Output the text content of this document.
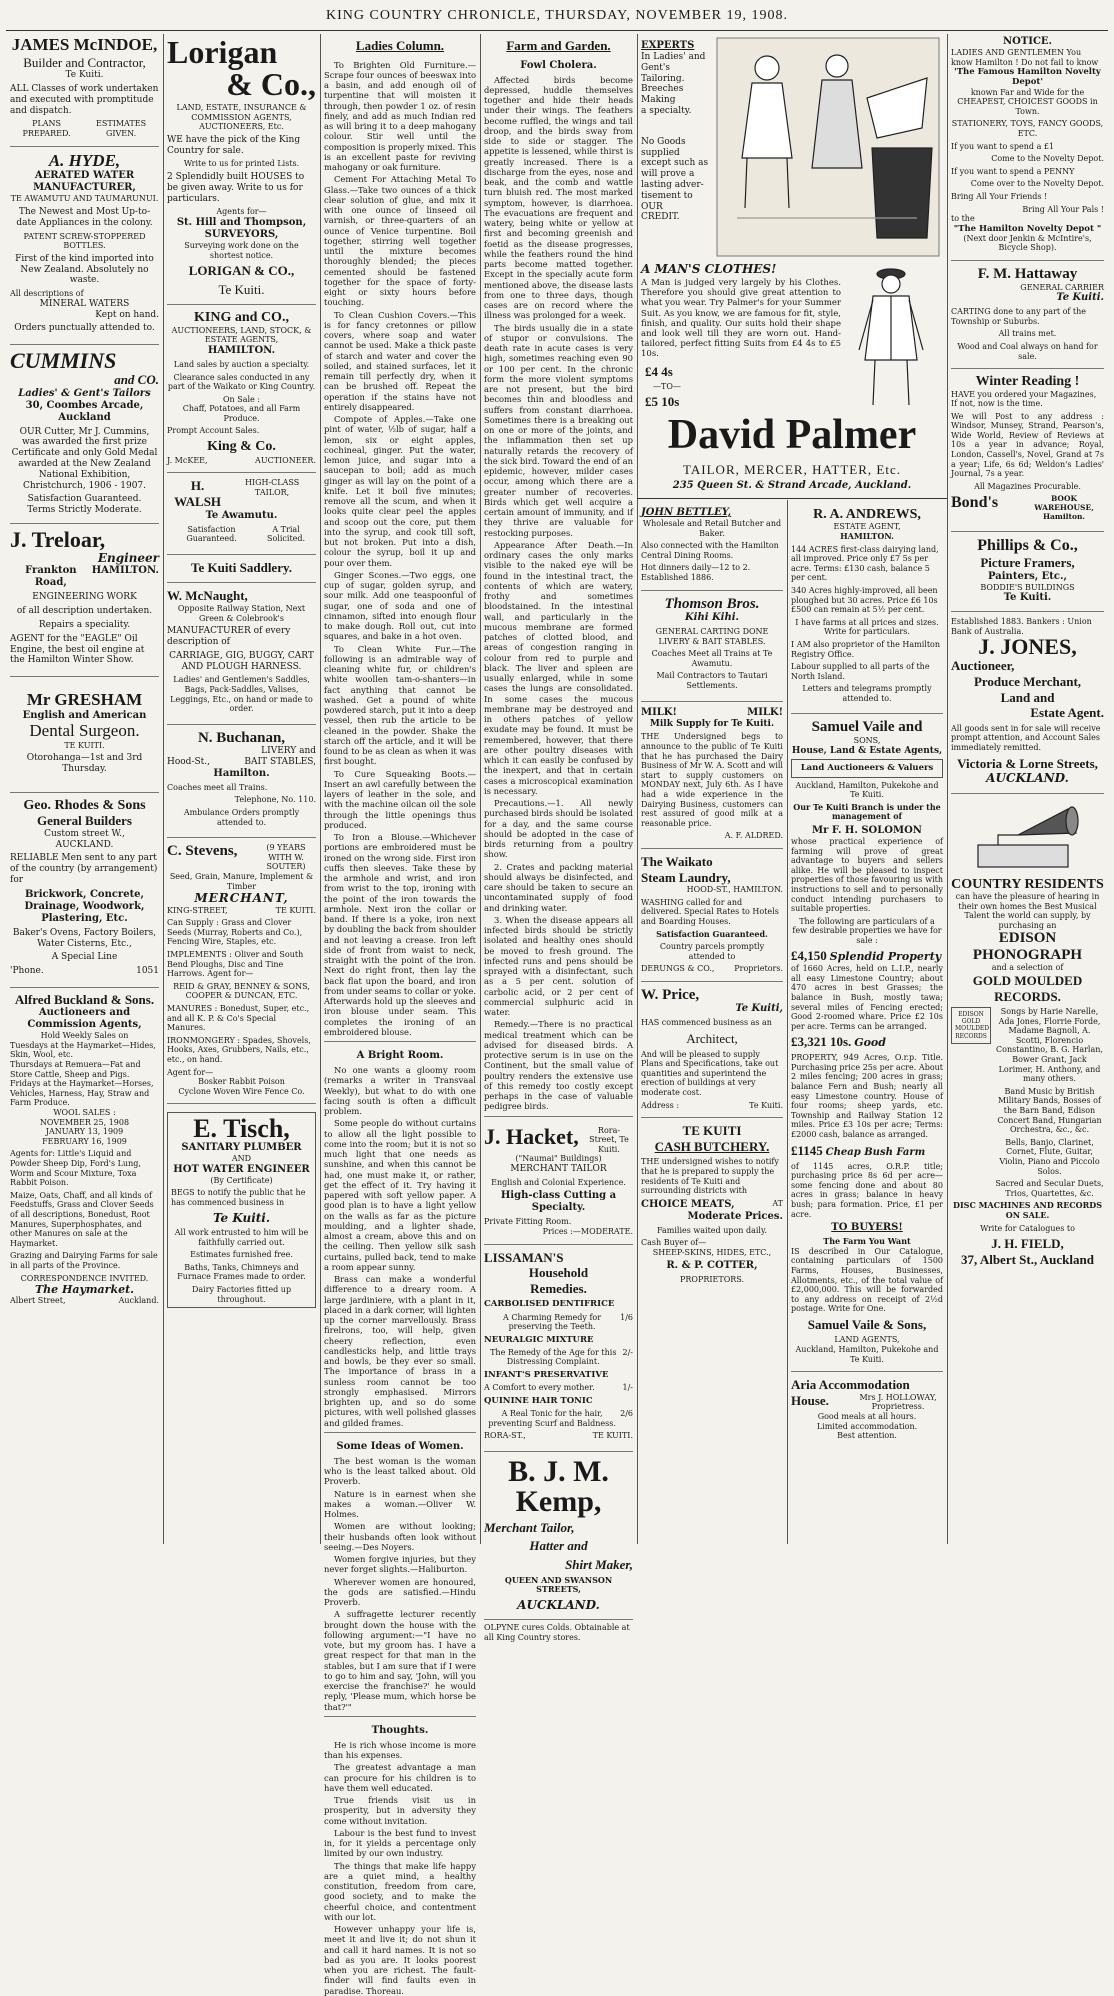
KING COUNTRY CHRONICLE, THURSDAY, NOVEMBER 19, 1908.
JAMES McINDOE,
Builder and Contractor,
Te Kuiti.
ALL Classes of work undertaken and executed with promptitude and dispatch.
PLANS PREPARED.
ESTIMATES GIVEN.
A. HYDE,
AERATED WATER MANUFACTURER,
TE AWAMUTU AND TAUMARUNUI.
The Newest and Most Up-to-date Appliances in the colony.
PATENT SCREW-STOPPERED BOTTLES.
First of the kind imported into New Zealand. Absolutely no waste.
All descriptions of
MINERAL WATERS
Kept on hand.
Orders punctually attended to.
CUMMINS
and CO.
Ladies' & Gent's Tailors
30, Coombes Arcade, Auckland
OUR Cutter, Mr J. Cummins, was awarded the first prize Certificate and only Gold Medal awarded at the New Zealand National Exhibition, Christchurch, 1906 - 1907.
Satisfaction Guaranteed.
Terms Strictly Moderate.
J. Treloar,
Engineer
Frankton Road,
HAMILTON.
ENGINEERING WORK
of all description undertaken.
Repairs a speciality.
AGENT for the "EAGLE" Oil Engine, the best oil engine at the Hamilton Winter Show.
Mr GRESHAM
English and American
Dental Surgeon.
TE KUITI.
Otorohanga—1st and 3rd Thursday.
Geo. Rhodes & Sons
General Builders
Custom street W.,
AUCKLAND.
RELIABLE Men sent to any part of the country (by arrangement) for
Brickwork, Concrete, Drainage, Woodwork, Plastering, Etc.
Baker's Ovens, Factory Boilers, Water Cisterns, Etc.,
A Special Line
'Phone.	1051
Alfred Buckland & Sons.
Auctioneers and Commission Agents,
Hold Weekly Sales on
Tuesdays at the Haymarket—Hides, Skin, Wool, etc.
Thursdays at Remuera—Fat and Store Cattle, Sheep and Pigs.
Fridays at the Haymarket—Horses, Vehicles, Harness, Hay, Straw and Farm Produce.
WOOL SALES :
NOVEMBER 25, 1908
JANUARY 13, 1909
FEBRUARY 16, 1909
Agents for: Little's Liquid and Powder Sheep Dip, Ford's Lung, Worm and Scour Mixture, Toxa Rabbit Poison.
Maize, Oats, Chaff, and all kinds of Feedstuffs, Grass and Clover Seeds of all descriptions, Bonedust, Root Manures, Superphosphates, and other Manures on sale at the Haymarket.
Grazing and Dairying Farms for sale in all parts of the Province.
CORRESPONDENCE INVITED.
The Haymarket.
Albert Street,	Auckland.
Lorigan
& Co.,
LAND, ESTATE, INSURANCE & COMMISSION AGENTS, AUCTIONEERS, Etc.
WE have the pick of the King Country for sale.
Write to us for printed Lists.
2 Splendidly built HOUSES to be given away. Write to us for particulars.
Agents for—
St. Hill and Thompson, SURVEYORS,
Surveying work done on the shortest notice.
LORIGAN & CO.,
Te Kuiti.
KING and CO.,
AUCTIONEERS, LAND, STOCK, & ESTATE AGENTS,
HAMILTON.
Land sales by auction a specialty.
Clearance sales conducted in any part of the Waikato or King Country.
On Sale :
Chaff, Potatoes, and all Farm Produce.
Prompt Account Sales.
King & Co.
J. McKEE,	AUCTIONEER.
H. WALSH
HIGH-CLASS TAILOR,
Te Awamutu.
Satisfaction Guaranteed.
A Trial Solicited.
Te Kuiti Saddlery.
W. McNaught,
Opposite Railway Station, Next Green & Colebrook's
MANUFACTURER of every description of
CARRIAGE, GIG, BUGGY, CART AND PLOUGH HARNESS.
Ladies' and Gentlemen's Saddles, Bags, Pack-Saddles, Valises, Leggings, Etc., on hand or made to order.
N. Buchanan,
LIVERY and
Hood-St.,	BAIT STABLES,
Hamilton.
Coaches meet all Trains.
Telephone, No. 110.
Ambulance Orders promptly attended to.
C. Stevens,	(9 YEARS WITH W. SOUTER)
Seed, Grain, Manure, Implement & Timber
MERCHANT,
KING-STREET,	TE KUITI.
Can Supply : Grass and Clover Seeds (Murray, Roberts and Co.), Fencing Wire, Staples, etc.
IMPLEMENTS : Oliver and South Bend Ploughs, Disc and Tine Harrows. Agent for—
REID & GRAY, BENNEY & SONS, COOPER & DUNCAN, ETC.
MANURES : Bonedust, Super, etc., and all K. P. & Co's Special Manures.
IRONMONGERY : Spades, Shovels, Hooks, Axes, Grubbers, Nails, etc., etc., on hand.
Agent for—
Bosker Rabbit Poison
Cyclone Woven Wire Fence Co.
E. Tisch,
SANITARY PLUMBER
AND
HOT WATER ENGINEER
(By Certificate)
BEGS to notify the public that he has commenced business in
Te Kuiti.
All work entrusted to him will be faithfully carried out.
Estimates furnished free.
Baths, Tanks, Chimneys and Furnace Frames made to order.
Dairy Factories fitted up throughout.
Ladies Column.

To Brighten Old Furniture.—Scrape four ounces of beeswax into a basin, and add enough oil of turpentine that will moisten it through, then powder 1 oz. of resin finely, and add as much Indian red as will bring it to a deep mahogany colour. Stir well until the composition is properly mixed. This is an excellent paste for reviving mahogany or oak furniture.

Cement For Attaching Metal To Glass.—Take two ounces of a thick clear solution of glue, and mix it with one ounce of linseed oil varnish, or three-quarters of an ounce of Venice turpentine. Boil together, stirring well together until the mixture becomes thoroughly blended; the pieces cemented should be fastened together for the space of forty-eight or sixty hours before touching.

To Clean Cushion Covers.—This is for fancy cretonnes or pillow covers, where soap and water cannot be used. Make a thick paste of starch and water and cover the soiled, and stained surfaces, let it remain till perfectly dry, when it can be brushed off. Repeat the operation if the stains have not entirely disappeared.

Compote of Apples.—Take one pint of water, ½lb of sugar, half a lemon, six or eight apples, cochineal, ginger. Put the water, lemon juice, and sugar into a saucepan to boil; add as much ginger as will lay on the point of a knife. Let it boil five minutes; remove all the scum, and when it looks quite clear peel the apples and scoop out the core, put them into the syrup, and cook till soft, but not broken. Put into a dish, colour the syrup, boil it up and pour over them.

Ginger Scones.—Two eggs, one cup of sugar, golden syrup, and sour milk. Add one teaspoonful of sugar, one of soda and one of cinnamon, sifted into enough flour to make dough. Roll out, cut into squares, and bake in a hot oven.

To Clean White Fur.—The following is an admirable way of cleaning white fur, or children's white woollen tam-o-shanters—in fact anything that cannot be washed. Get a pound of white powdered starch, put it into a deep vessel, then rub the article to be cleaned in the powder. Shake the starch off the article, and it will be found to be as clean as when it was first bought.

To Cure Squeaking Boots.—Insert an awl carefully between the layers of leather in the sole, and with the machine oilcan oil the sole through the little openings thus produced.

To Iron a Blouse.—Whichever portions are embroidered must be ironed on the wrong side. First iron cuffs then sleeves. Take these by the armhole and wrist, and iron from wrist to the top, ironing with the point of the iron towards the armhole. Next iron the collar or band. If there is a yoke, iron next by doubling the back from shoulder and not leaving a crease. Iron left side of front from waist to neck, straight with the point of the iron. Next do right front, then lay the back flat upon the board, and iron from under seams to collar or yoke. Afterwards hold up the sleeves and iron blouse under seam. This completes the ironing of an embroidered blouse.

A Bright Room.

No one wants a gloomy room (remarks a writer in Transvaal Weekly), but what to do with one facing south is often a difficult problem.

Some people do without curtains to allow all the light possible to come into the room; but it is not so much light that one needs as sunshine, and when this cannot be had, one must make it, or rather, get the effect of it. Try having it papered with soft yellow paper. A good plan is to have a light yellow on the walls as far as the picture moulding, and a lighter shade, almost a cream, above this and on the ceiling. Then yellow silk sash curtains, pulled back, tend to make a room appear sunny.

Brass can make a wonderful difference to a dreary room. A large jardiniere, with a plant in it, placed in a dark corner, will lighten up the corner marvellously. Brass firelrons, too, will help, given cheery reflection, even candlesticks help, and little trays and bowls, be they ever so small. The importance of brass in a sunless room cannot be too strongly emphasised. Mirrors brighten up, and so do some pictures, with well polished glasses and gilded frames.

Some Ideas of Women.

The best woman is the woman who is the least talked about. Old Proverb.

Nature is in earnest when she makes a woman.—Oliver W. Holmes.

Women are without looking; their husbands often look without seeing.—Des Noyers.

Women forgive injuries, but they never forget slights.—Haliburton.

Wherever women are honoured, the gods are satisfied.—Hindu Proverb.

A suffragette lecturer recently brought down the house with the following argument:—"I have no vote, but my groom has. I have a great respect for that man in the stables, but I am sure that if I were to go to him and say, 'John, will you exercise the franchise?' he would reply, 'Please mum, which horse be that?'"

Thoughts.

He is rich whose income is more than his expenses.

The greatest advantage a man can procure for his children is to have them well educated.

True friends visit us in prosperity, but in adversity they come without invitation.

Labour is the best fund to invest in, for it yields a percentage only limited by our own industry.

The things that make life happy are a quiet mind, a healthy constitution, freedom from care, good society, and to make the cheerful choice, and contentment with our lot.

However unhappy your life is, meet it and live it; do not shun it and call it hard names. It is not so bad as you are. It looks poorest when you are richest. The fault-finder will find faults even in paradise. Thoreau.

Farm and Garden.
Fowl Cholera.

Affected birds become depressed, huddle themselves together and hide their heads under their wings. The feathers become ruffled, the wings and tail droop, and the birds sway from side to side or stagger. The appetite is lessened, while thirst is greatly increased. There is a discharge from the eyes, nose and beak, and the comb and wattle turn bluish red. The most marked symptom, however, is diarrhoea. The evacuations are frequent and watery, being white or yellow at first and becoming greenish and foetid as the disease progresses, while the feathers round the hind parts become matted together. Except in the specially acute form mentioned above, the disease lasts from one to three days, though cases are on record where the illness was prolonged for a week.

The birds usually die in a state of stupor or convulsions. The death rate in acute cases is very high, sometimes reaching even 90 or 100 per cent. In the chronic form the more violent symptoms are not present, but the bird becomes thin and bloodless and suffers from constant diarrhoea. Sometimes there is a breaking out on one or more of the joints, and the inflammation then set up naturally retards the recovery of the sick bird. Toward the end of an epidemic, however, milder cases occur, among which there are a greater number of recoveries. Birds which get well acquire a certain amount of immunity, and if they thrive are valuable for restocking purposes.

Appearance After Death.—In ordinary cases the only marks visible to the naked eye will be found in the intestinal tract, the contents of which are watery, frothy and sometimes bloodstained. In the intestinal wall, and particularly in the mucous membrane are formed patches of clotted blood, and areas of congestion ranging in colour from red to purple and black. The liver and spleen are usually enlarged, while in some cases the lungs are consolidated. In some cases the mucous membrane may be destroyed and in others patches of yellow exudate may be found. It must be remembered, however, that there are other poultry diseases with which it can easily be confused by the inexpert, and that in certain cases a microscopical examination is necessary.

Precautions.—1. All newly purchased birds should be isolated for a day, and the same course should be adopted in the case of birds returning from a poultry show.

2. Crates and packing material should always be disinfected, and care should be taken to secure an uncontaminated supply of food and drinking water.

3. When the disease appears all infected birds should be strictly isolated and healthy ones should be moved to fresh ground. The infected runs and pens should be sprayed with a disinfectant, such as a 5 per cent. solution of carbolic acid, or 2 per cent of commercial sulphuric acid in water.

Remedy.—There is no practical medical treatment which can be advised for diseased birds. A protective serum is in use on the Continent, but the small value of poultry renders the extensive use of this remedy too costly except perhaps in the case of valuable pedigree birds.

J. Hacket,	Rora-Street, Te Kuiti.
("Naumai" Buildings)
MERCHANT TAILOR
English and Colonial Experience.
High-class Cutting a Specialty.
Private Fitting Room.
Prices :—MODERATE.
LISSAMAN'S
Household
Remedies.
CARBOLISED DENTIFRICE
A Charming Remedy for preserving the Teeth.
1/6
NEURALGIC MIXTURE
The Remedy of the Age for this Distressing Complaint.
2/-
INFANT'S PRESERVATIVE
A Comfort to every mother.	1/-
QUININE HAIR TONIC
A Real Tonic for the hair, preventing Scurf and Baldness.
2/6
RORA-ST.,	TE KUITI.
B. J. M. Kemp,
Merchant Tailor,
Hatter and
Shirt Maker,
QUEEN AND SWANSON STREETS,
AUCKLAND.
OLPYNE cures Colds. Obtainable at all King Country stores.
EXPERTS
In Ladies' and
Gent's
Tailoring.
Breeches
Making
a specialty.
No Goods
supplied
except such as
will prove a
lasting adver-
tisement to
OUR
CREDIT.
A MAN'S CLOTHES!
A Man is judged very largely by his Clothes. Therefore you should give great attention to what you wear. Try Palmer's for your Summer Suit. As you know, we are famous for fit, style, finish, and quality. Our suits hold their shape and look well till they are worn out. Hand-tailored, perfect fitting Suits from £4 4s to £5 10s.
£4 4s
—TO—
£5 10s
David Palmer
TAILOR, MERCER, HATTER, Etc.
235 Queen St. & Strand Arcade, Auckland.
JOHN BETTLEY,
Wholesale and Retail Butcher and Baker.
Also connected with the Hamilton Central Dining Rooms.
Hot dinners daily—12 to 2.
Established 1886.
Thomson Bros.
Kihi Kihi.
GENERAL CARTING DONE LIVERY & BAIT STABLES.
Coaches Meet all Trains at Te Awamutu.
Mail Contractors to Tautari Settlements.
MILK!	MILK!
Milk Supply for Te Kuiti.
THE Undersigned begs to announce to the public of Te Kuiti that he has purchased the Dairy Business of Mr W. A. Scott and will start to supply customers on MONDAY next, July 6th. As I have had a wide experience in the Dairying Business, customers can rest assured of good milk at a reasonable price.
A. F. ALDRED.
The Waikato
Steam Laundry,
HOOD-ST., HAMILTON.
WASHING called for and delivered. Special Rates to Hotels and Boarding Houses.
Satisfaction Guaranteed.
Country parcels promptly attended to
DERUNGS & CO., Proprietors.
W. Price,
Te Kuiti,
HAS commenced business as an
Architect,
And will be pleased to supply Plans and Specifications, take out quantities and superintend the erection of buildings at very moderate cost.
Address :	Te Kuiti.
TE KUITI
CASH BUTCHERY.
THE undersigned wishes to notify that he is prepared to supply the residents of Te Kuiti and surrounding districts with
CHOICE MEATS,	AT
Moderate Prices.
Families waited upon daily.
Cash Buyer of—
SHEEP-SKINS, HIDES, ETC.,
R. & P. COTTER,
PROPRIETORS.
R. A. ANDREWS,
ESTATE AGENT,
HAMILTON.
144 ACRES first-class dairying land, all improved. Price only £7 5s per acre. Terms: £130 cash, balance 5 per cent.
340 Acres highly-improved, all been ploughed but 30 acres. Price £6 10s £500 can remain at 5½ per cent.
I have farms at all prices and sizes. Write for particulars.
I AM also proprietor of the Hamilton Registry Office.
Labour supplied to all parts of the North Island.
Letters and telegrams promptly attended to.
Samuel Vaile and
SONS,
House, Land & Estate Agents,
Land Auctioneers & Valuers
Auckland, Hamilton, Pukekohe and Te Kuiti.
Our Te Kuiti Branch is under the management of
Mr F. H. SOLOMON
whose practical experience of farming will prove of great advantage to buyers and sellers alike. He will be pleased to inspect properties of those favouring us with instructions to sell and to personally conduct intending purchasers to suitable properties.
The following are particulars of a few desirable properties we have for sale :
£4,150 Splendid Property
of 1660 Acres, held on L.I.P., nearly all easy Limestone Country; about 470 acres in best Grasses; the balance in Bush, mostly tawa; several miles of Fencing erected; Good 2-roomed whare. Price £2 10s per acre. Terms can be arranged.
£3,321 10s. Good
PROPERTY, 949 Acres, O.r.p. Title. Purchasing price 25s per acre. About 2 miles fencing; 200 acres in grass; balance Fern and Bush; nearly all easy Limestone country. House of four rooms; sheep yards, etc. Township and Railway Station 12 miles. Price £3 10s per acre; Terms: £2000 cash, balance as arranged.
£1145 Cheap Bush Farm
of 1145 acres, O.R.P. title; purchasing price 8s 6d per acre—some fencing done and about 80 acres in grass; balance in heavy bush; para formation. Price, £1 per acre.
TO BUYERS!
The Farm You Want
IS described in Our Catalogue, containing particulars of 1500 Farms, Houses, Businesses, Allotments, etc., of the total value of £2,000,000. This will be forwarded to any address on receipt of 2½d postage. Write for One.
Samuel Vaile & Sons,
LAND AGENTS,
Auckland, Hamilton, Pukekohe and Te Kuiti.
Aria Accommodation
House.	Mrs J. HOLLOWAY, Proprietress.
Good meals at all hours.
Limited accommodation.
Best attention.
NOTICE.
LADIES AND GENTLEMEN You know Hamilton ! Do not fail to know
'The Famous Hamilton Novelty Depot'
known Far and Wide for the CHEAPEST, CHOICEST GOODS in Town.
STATIONERY, TOYS, FANCY GOODS, ETC.
If you want to spend a £1
Come to the Novelty Depot.
If you want to spend a PENNY
Come over to the Novelty Depot.
Bring All Your Friends !
Bring All Your Pals !
to the
"The Hamilton Novelty Depot "
(Next door Jenkin & McIntire's, Bicycle Shop).
F. M. Hattaway
GENERAL CARRIER
Te Kuiti.
CARTING done to any part of the Township or Suburbs.
All trains met.
Wood and Coal always on hand for sale.
Winter Reading !
HAVE you ordered your Magazines, If not, now is the time.
We will Post to any address : Windsor, Munsey, Strand, Pearson's, Wide World, Review of Reviews at 10s a year in advance; Royal, London, Cassell's, Novel, Grand at 7s a year; Life, 6s 6d; Weldon's Ladies' Journal, 7s a year.
All Magazines Procurable.
Bond's	BOOK WAREHOUSE, Hamilton.
Phillips & Co.,
Picture Framers,
Painters, Etc.,
BODDIE'S BUILDINGS
Te Kuiti.
Established 1883. Bankers : Union Bank of Australia.
J. JONES,
Auctioneer,
Produce Merchant,
Land and
Estate Agent.
All goods sent in for sale will receive prompt attention, and Account Sales immediately remitted.
Victoria & Lorne Streets,
AUCKLAND.
COUNTRY RESIDENTS
can have the pleasure of hearing in their own homes the Best Musical Talent the world can supply, by purchasing an
EDISON
PHONOGRAPH
and a selection of
GOLD MOULDED
RECORDS.
EDISON GOLD MOULDED RECORDS
Songs by Harie Narelle, Ada Jones, Florrie Forde, Madame Bagnoli, A. Scotti, Florencio Constantino, B. G. Harlan, Bower Grant, Jack Lorimer, H. Anthony, and many others.
Band Music by British Military Bands, Bosses of the Barn Band, Edison Concert Band, Hungarian Orchestra, &c., &c.
Bells, Banjo, Clarinet, Cornet, Flute, Guitar, Violin, Piano and Piccolo Solos.
Sacred and Secular Duets, Trios, Quartettes, &c.
DISC MACHINES AND RECORDS ON SALE.
Write for Catalogues to
J. H. FIELD,
37, Albert St., Auckland
